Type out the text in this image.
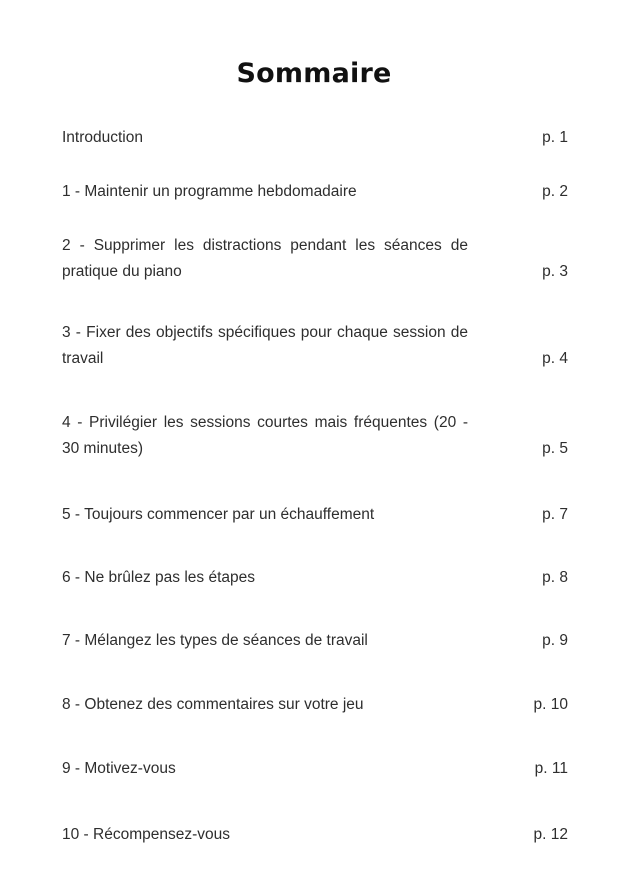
Sommaire
Introduction	p. 1
1 - Maintenir un programme hebdomadaire	p. 2
2 - Supprimer les distractions pendant les séances de pratique du piano	p. 3
3 - Fixer des objectifs spécifiques pour chaque session de travail	p. 4
4 - Privilégier les sessions courtes mais fréquentes (20 - 30 minutes)	p. 5
5 - Toujours commencer par un échauffement	p. 7
6 - Ne brûlez pas les étapes	p. 8
7 - Mélangez les types de séances de travail	p. 9
8 - Obtenez des commentaires sur votre jeu	p. 10
9 - Motivez-vous	p. 11
10 - Récompensez-vous	p. 12
